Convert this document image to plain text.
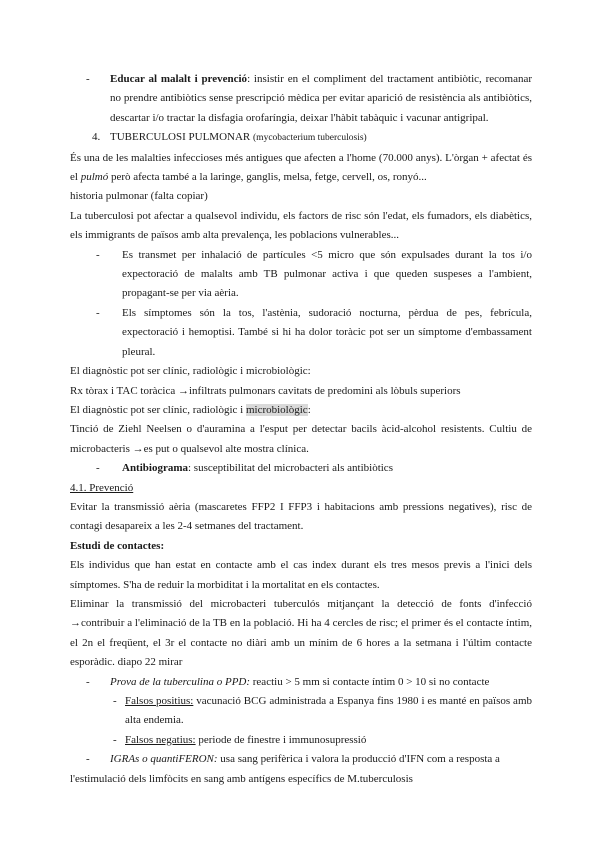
- Educar al malalt i prevenció: insistir en el compliment del tractament antibiòtic, recomanar no prendre antibiòtics sense prescripció mèdica per evitar aparició de resistència als antibiòtics, descartar i/o tractar la disfagia orofaríngia, deixar l'hàbit tabàquic i vacunar antigripal.
4. TUBERCULOSI PULMONAR (mycobacterium tuberculosis)
És una de les malalties infeccioses més antigues que afecten a l'home (70.000 anys). L'òrgan + afectat és el pulmó però afecta també a la laringe, ganglis, melsa, fetge, cervell, os, ronyó...
historia pulmonar (falta copiar)
La tuberculosi pot afectar a qualsevol individu, els factors de risc són l'edat, els fumadors, els diabètics, els immigrants de països amb alta prevalença, les poblacions vulnerables...
- Es transmet per inhalació de partícules <5 micro que són expulsades durant la tos i/o expectoració de malalts amb TB pulmonar activa i que queden suspeses a l'ambient, propagant-se per via aèria.
- Els símptomes són la tos, l'astènia, sudoració nocturna, pèrdua de pes, febrícula, expectoració i hemoptisi. També si hi ha dolor toràcic pot ser un símptome d'embassament pleural.
El diagnòstic pot ser clínic, radiològic i microbiològic:
Rx tòrax i TAC toràcica →infiltrats pulmonars cavitats de predomini als lòbuls superiors
El diagnòstic pot ser clínic, radiològic i microbiològic:
Tinció de Ziehl Neelsen o d'auramina a l'esput per detectar bacils àcid-alcohol resistents. Cultiu de microbacteris →es put o qualsevol alte mostra clínica.
- Antibiograma: susceptibilitat del microbacteri als antibiòtics
4.1. Prevenció
Evitar la transmissió aèria (mascaretes FFP2 I FFP3 i habitacions amb pressions negatives), risc de contagi desapareix a les 2-4 setmanes del tractament.
Estudi de contactes:
Els individus que han estat en contacte amb el cas index durant els tres mesos previs a l'inici dels símptomes. S'ha de reduir la morbiditat i la mortalitat en els contactes.
Eliminar la transmissió del microbacteri tuberculós mitjançant la detecció de fonts d'infecció →contribuir a l'eliminació de la TB en la població. Hi ha 4 cercles de risc; el primer és el contacte íntim, el 2n el freqüent, el 3r el contacte no diàri amb un mínim de 6 hores a la setmana i l'últim contacte esporàdic. diapo 22 mirar
- Prova de la tuberculina o PPD: reactiu > 5 mm si contacte íntim 0 > 10 si no contacte
- Falsos positius: vacunació BCG administrada a Espanya fins 1980 i es manté en països amb alta endemia.
- Falsos negatius: periode de finestre i immunosupressió
- IGRAs o quantiFERON: usa sang perifèrica i valora la producció d'IFN com a resposta a
l'estimulació dels limfòcits en sang amb antígens específics de M.tuberculosis
